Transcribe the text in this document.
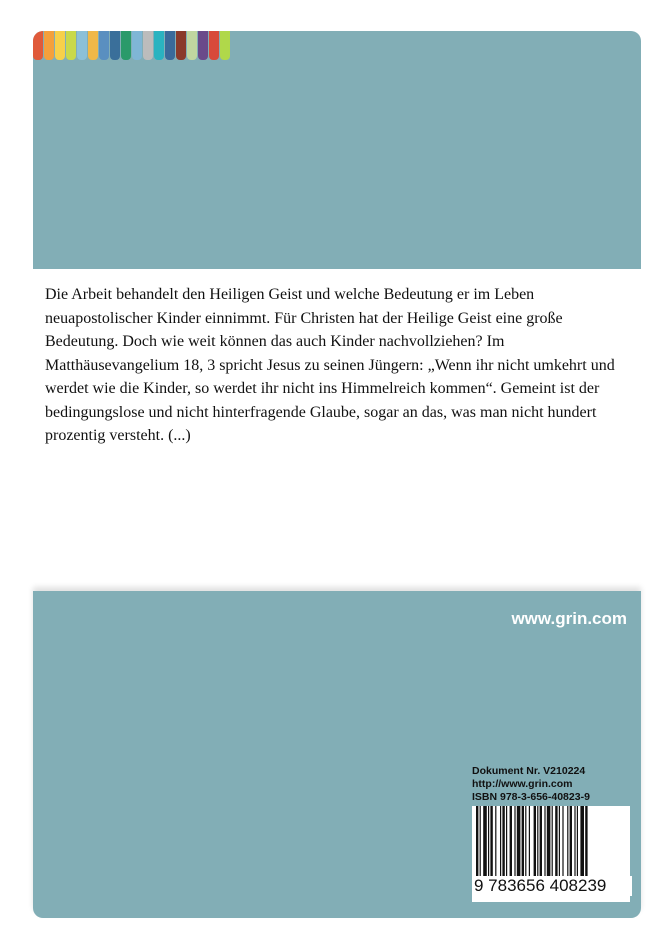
Die Arbeit behandelt den Heiligen Geist und welche Bedeutung er im Leben neuapostolischer Kinder einnimmt. Für Christen hat der Heilige Geist eine große Bedeutung. Doch wie weit können das auch Kinder nachvollziehen? Im Matthäusevangelium 18, 3 spricht Jesus zu seinen Jüngern: „Wenn ihr nicht umkehrt und werdet wie die Kinder, so werdet ihr nicht ins Himmelreich kommen“. Gemeint ist der bedingungslose und nicht hinterfragende Glaube, sogar an das, was man nicht hundert prozentig versteht. (...)
www.grin.com
Dokument Nr. V210224
http://www.grin.com
ISBN 978-3-656-40823-9
9 783656 408239
